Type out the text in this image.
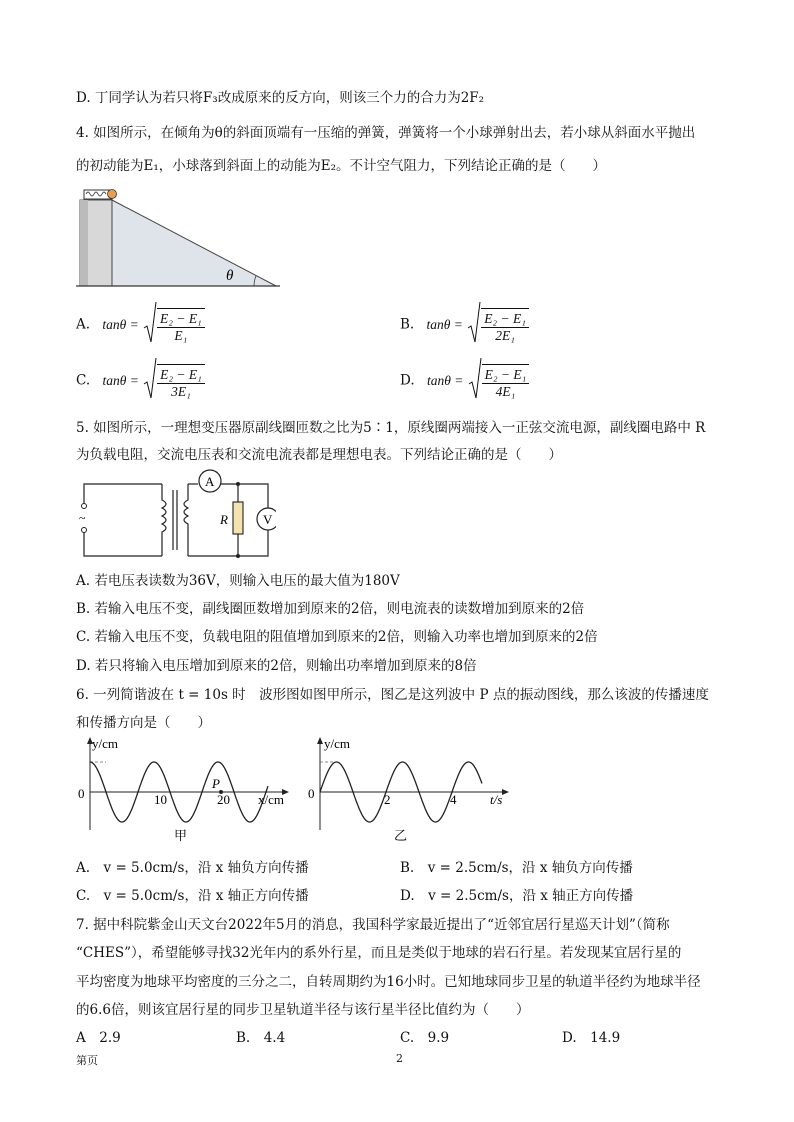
D. 丁同学认为若只将F₃改成原来的反方向，则该三个力的合力为2F₂
4. 如图所示，在倾角为θ的斜面顶端有一压缩的弹簧，弹簧将一个小球弹射出去，若小球从斜面水平抛出
的初动能为E₁，小球落到斜面上的动能为E₂。不计空气阻力，下列结论正确的是（　　）
θ
A. $\tan\theta = \frac{\text{E₂ − E₁}}{\text{E₁}}$	B. $\tan\theta = \frac{\text{E₂ − E₁}}{\text{2E₁}}$
C. $\tan\theta = \frac{\text{E₂ − E₁}}{\text{3E₁}}$	D. $\tan\theta = \frac{\text{E₂ − E₁}}{\text{4E₁}}$
5. 如图所示，一理想变压器原副线圈匝数之比为5∶1，原线圈两端接入一正弦交流电源，副线圈电路中 R
为负载电阻，交流电压表和交流电流表都是理想电表。下列结论正确的是（　　）
~
A
V
R
A. 若电压表读数为36V，则输入电压的最大值为180V
B. 若输入电压不变，副线圈匝数增加到原来的2倍，则电流表的读数增加到原来的2倍
C. 若输入电压不变，负载电阻的阻值增加到原来的2倍，则输入功率也增加到原来的2倍
D. 若只将输入电压增加到原来的2倍，则输出功率增加到原来的8倍
6. 一列简谐波在 t = 10s 时　波形图如图甲所示，图乙是这列波中 P 点的振动图线，那么该波的传播速度
和传播方向是（　　）
y/cm
x/cm
0	10	20
P
甲
y/cm
t/s
0	2	4
乙
A.　v = 5.0cm/s，沿 x 轴负方向传播	B.　v = 2.5cm/s，沿 x 轴负方向传播
C.　v = 5.0cm/s，沿 x 轴正方向传播	D.　v = 2.5cm/s，沿 x 轴正方向传播
7. 据中科院紫金山天文台2022年5月的消息，我国科学家最近提出了“近邻宜居行星巡天计划”（简称
“CHES”），希望能够寻找32光年内的系外行星，而且是类似于地球的岩石行星。若发现某宜居行星的
平均密度为地球平均密度的三分之二，自转周期约为16小时。已知地球同步卫星的轨道半径约为地球半径
的6.6倍，则该宜居行星的同步卫星轨道半径与该行星半径比值约为（　　）
A　2.9	B.　4.4	C.　9.9	D.　14.9
第页	2
